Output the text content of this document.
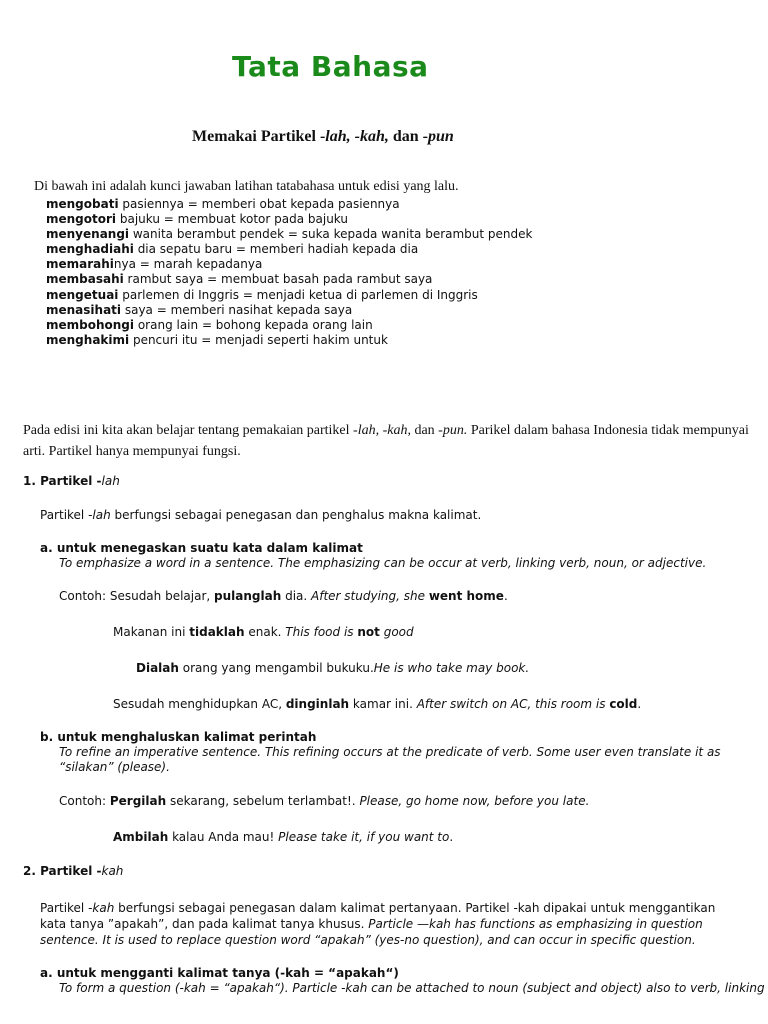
Tata Bahasa
Memakai Partikel -lah, -kah, dan -pun
Di bawah ini adalah kunci jawaban latihan tatabahasa untuk edisi yang lalu.
mengobati pasiennya = memberi obat kepada pasiennya
mengotori bajuku = membuat kotor pada bajuku
menyenangi wanita berambut pendek = suka kepada wanita berambut pendek
menghadiahi dia sepatu baru = memberi hadiah kepada dia
memarahinya = marah kepadanya
membasahi rambut saya = membuat basah pada rambut saya
mengetuai parlemen di Inggris = menjadi ketua di parlemen di Inggris
menasihati saya = memberi nasihat kepada saya
membohongi orang lain = bohong kepada orang lain
menghakimi pencuri itu = menjadi seperti hakim untuk
Pada edisi ini kita akan belajar tentang pemakaian partikel -lah, -kah, dan -pun. Parikel dalam bahasa Indonesia tidak mempunyai arti. Partikel hanya mempunyai fungsi.
1. Partikel -lah
Partikel -lah berfungsi sebagai penegasan dan penghalus makna kalimat.
a. untuk menegaskan suatu kata dalam kalimat
To emphasize a word in a sentence. The emphasizing can be occur at verb, linking verb, noun, or adjective.
Contoh: Sesudah belajar, pulanglah dia. After studying, she went home.
Makanan ini tidaklah enak. This food is not good
Dialah orang yang mengambil bukuku.He is who take may book.
Sesudah menghidupkan AC, dinginlah kamar ini. After switch on AC, this room is cold.
b. untuk menghaluskan kalimat perintah
To refine an imperative sentence. This refining occurs at the predicate of verb. Some user even translate it as “silakan” (please).
Contoh: Pergilah sekarang, sebelum terlambat!. Please, go home now, before you late.
Ambilah kalau Anda mau! Please take it, if you want to.
2. Partikel -kah
Partikel -kah berfungsi sebagai penegasan dalam kalimat pertanyaan. Partikel -kah dipakai untuk menggantikan kata tanya ”apakah”, dan pada kalimat tanya khusus. Particle —kah has functions as emphasizing in question sentence. It is used to replace question word “apakah” (yes-no question), and can occur in specific question.
a. untuk mengganti kalimat tanya (-kah = “apakah“)
To form a question (-kah = “apakah“). Particle -kah can be attached to noun (subject and object) also to verb, linking
